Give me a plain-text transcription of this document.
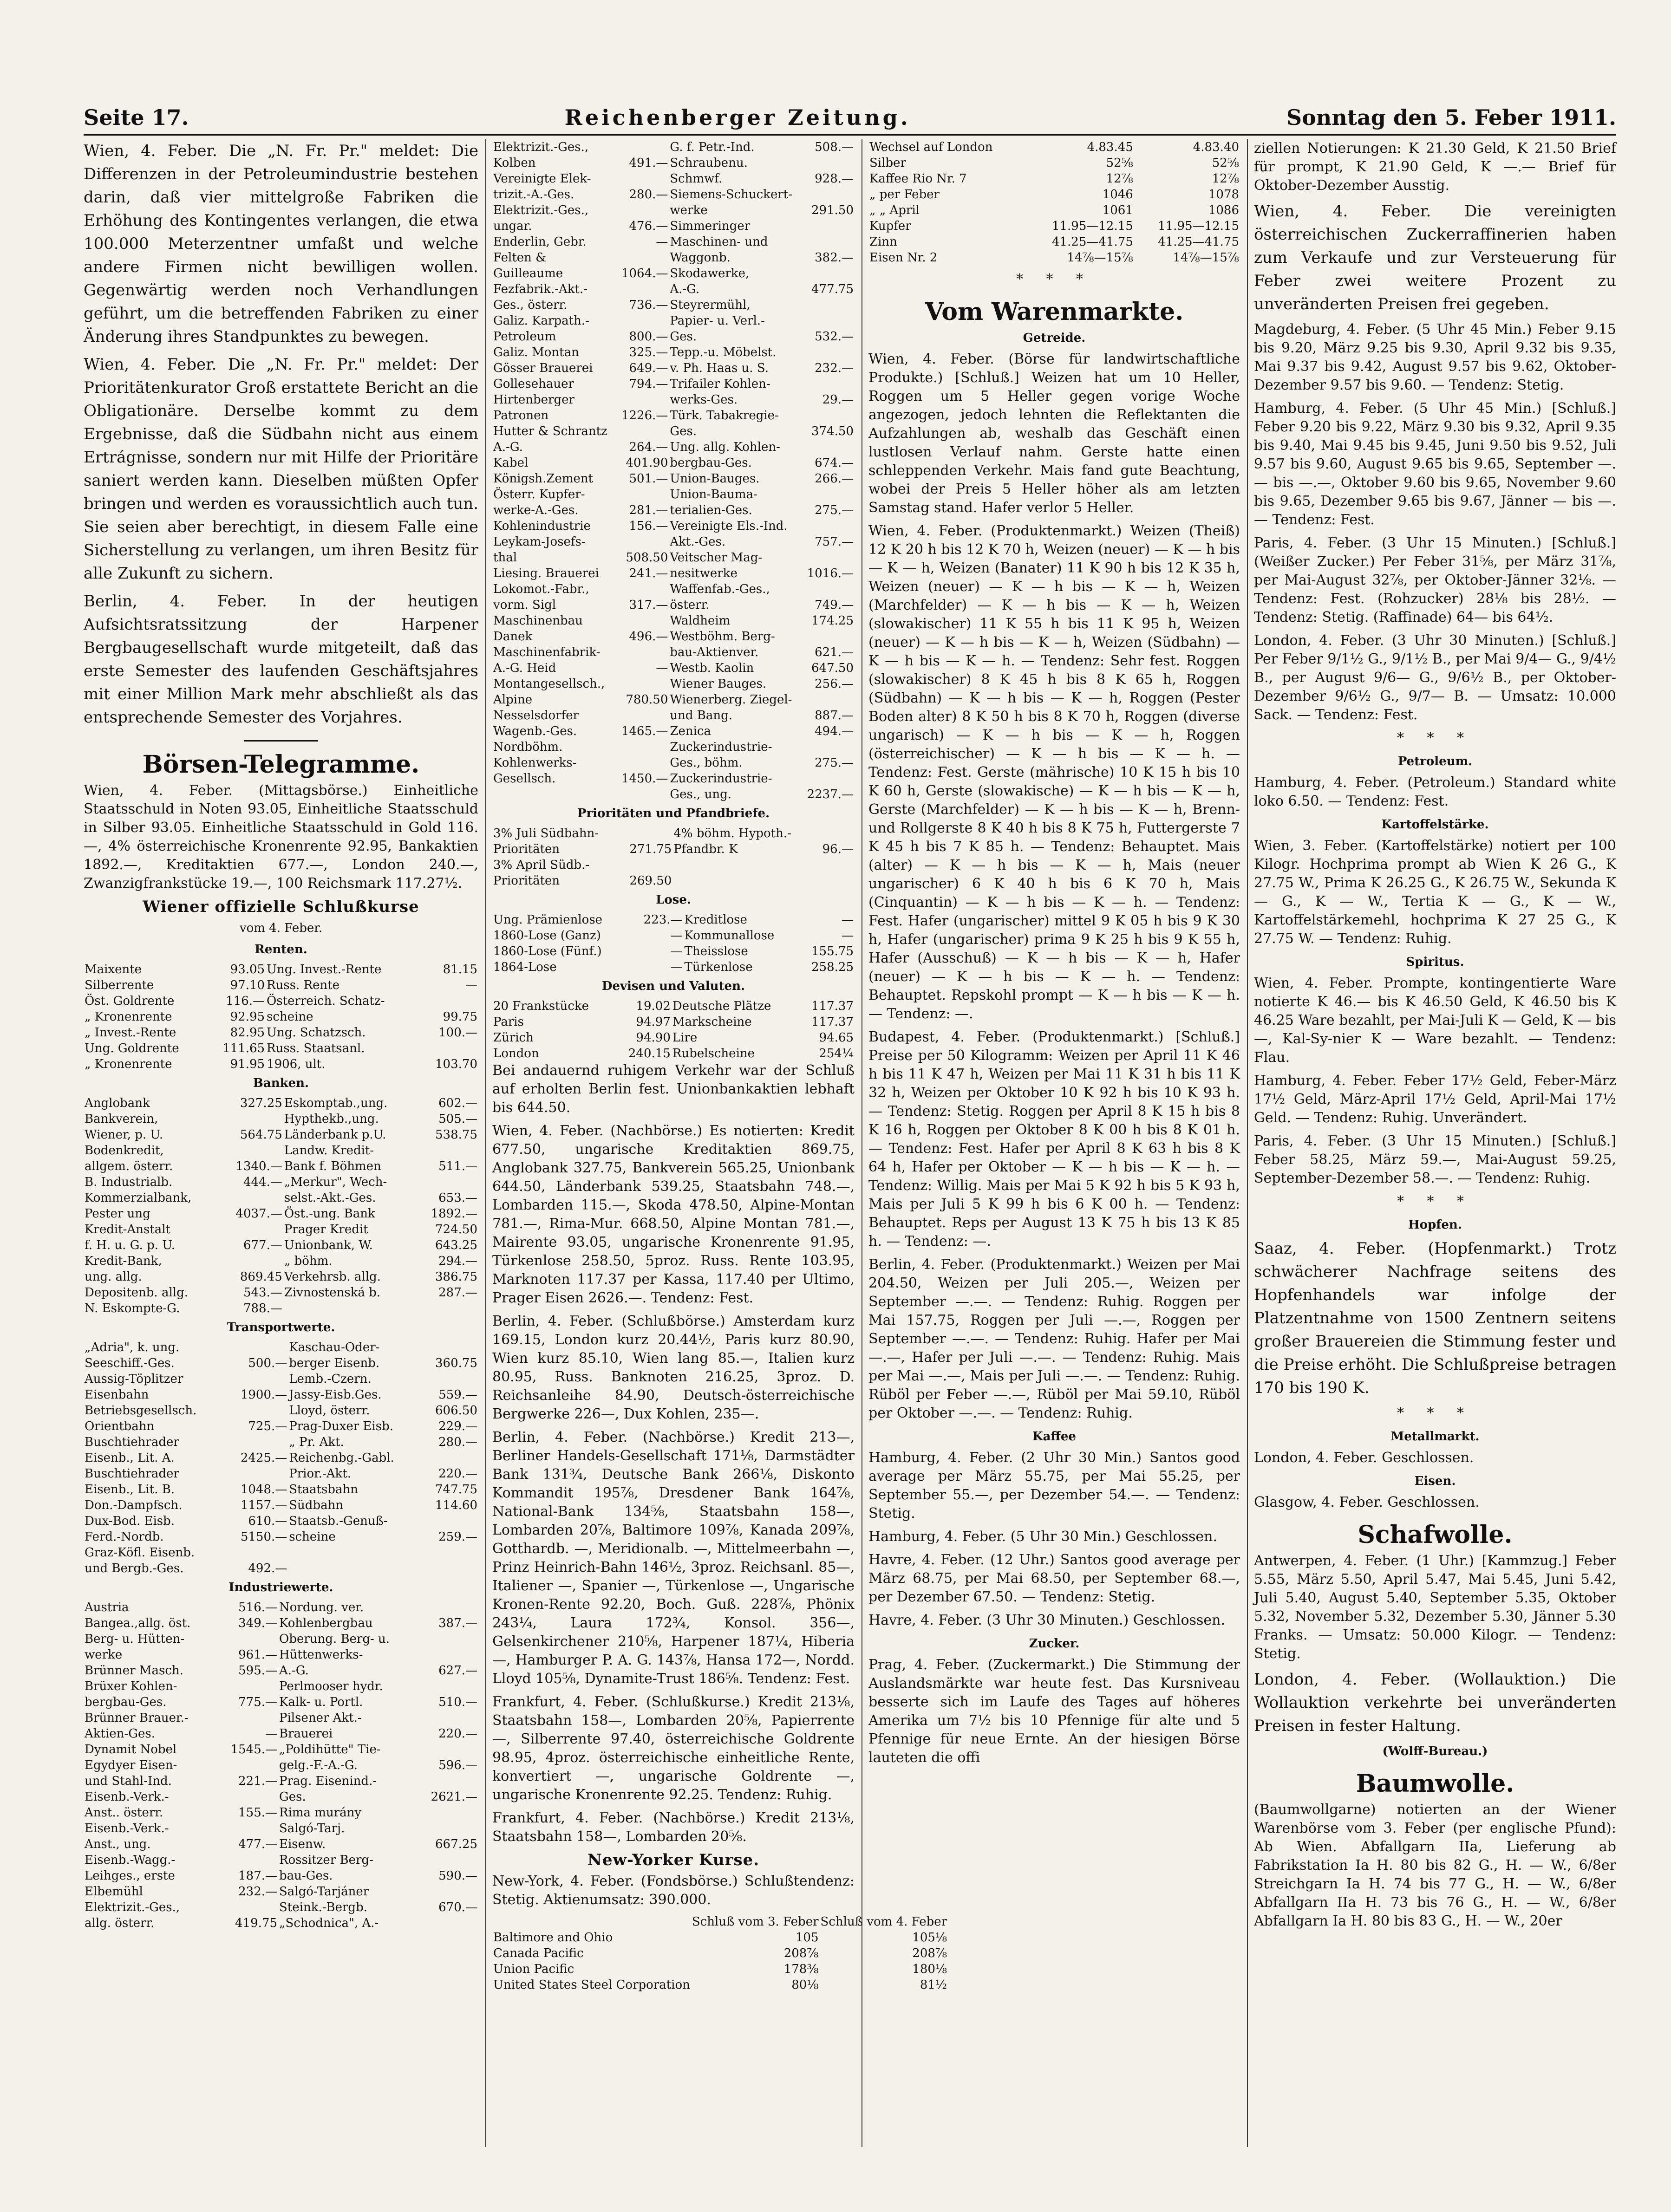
Seite 17.	Reichenberger Zeitung.	Sonntag den 5. Feber 1911.

Wien, 4. Feber. Die „N. Fr. Pr." meldet: Die Differenzen in der Petroleumindustrie bestehen darin, daß vier mittelgroße Fabriken die Erhöhung des Kontingentes verlangen, die etwa 100.000 Meterzentner umfaßt und welche andere Firmen nicht bewilligen wollen. Gegenwärtig werden noch Verhandlungen geführt, um die betreffenden Fabriken zu einer Änderung ihres Standpunktes zu bewegen.

Wien, 4. Feber. Die „N. Fr. Pr." meldet: Der Prioritätenkurator Groß erstattete Bericht an die Obligationäre. Derselbe kommt zu dem Ergebnisse, daß die Südbahn nicht aus einem Ertrágnisse, sondern nur mit Hilfe der Prioritäre saniert werden kann. Dieselben müßten Opfer bringen und werden es voraussichtlich auch tun. Sie seien aber berechtigt, in diesem Falle eine Sicherstellung zu verlangen, um ihren Besitz für alle Zukunft zu sichern.

Berlin, 4. Feber. In der heutigen Aufsichtsratssitzung der Harpener Bergbaugesellschaft wurde mitgeteilt, daß das erste Semester des laufenden Geschäftsjahres mit einer Million Mark mehr abschließt als das entsprechende Semester des Vorjahres.

Börsen-Telegramme.

Wien, 4. Feber. (Mittagsbörse.) Einheitliche Staatsschuld in Noten 93.05, Einheitliche Staatsschuld in Silber 93.05. Einheitliche Staatsschuld in Gold 116.—, 4% österreichische Kronenrente 92.95, Bankaktien 1892.—, Kreditaktien 677.—, London 240.—, Zwanzigfrankstücke 19.—, 100 Reichsmark 117.27½.

Wiener offizielle Schlußkurse
vom 4. Feber.
Renten.
Maixente	93.05	Ung. Invest.-Rente	81.15
Silberrente	97.10	Russ. Rente	—
Öst. Goldrente	116.—	Österreich. Schatz-	
„ Kronenrente	92.95	scheine	99.75
„ Invest.-Rente	82.95	Ung. Schatzsch.	100.—
Ung. Goldrente	111.65	Russ. Staatsanl.	
„ Kronenrente	91.95	1906, ult.	103.70
Banken.
Anglobank	327.25	Eskomptab.,ung.	602.—
Bankverein,		Hypthekb.,ung.	505.—
Wiener, p. U.	564.75	Länderbank p.U.	538.75
Bodenkredit,		Landw. Kredit-	
allgem. österr.	1340.—	Bank f. Böhmen	511.—
B. Industrialb.	444.—	„Merkur", Wech-	
Kommerzialbank,		selst.-Akt.-Ges.	653.—
Pester ung	4037.—	Öst.-ung. Bank	1892.—
Kredit-Anstalt		Prager Kredit	724.50
f. H. u. G. p. U.	677.—	Unionbank, W.	643.25
Kredit-Bank,		„ böhm.	294.—
ung. allg.	869.45	Verkehrsb. allg.	386.75
Depositenb. allg.	543.—	Zivnostenská b.	287.—
N. Eskompte-G.	788.—		
Transportwerte.
„Adria", k. ung.		Kaschau-Oder-	
Seeschiff.-Ges.	500.—	berger Eisenb.	360.75
Aussig-Töplitzer		Lemb.-Czern.	
Eisenbahn	1900.—	Jassy-Eisb.Ges.	559.—
Betriebsgesellsch.		Lloyd, österr.	606.50
Orientbahn	725.—	Prag-Duxer Eisb.	229.—
Buschtiehrader		„ Pr. Akt.	280.—
Eisenb., Lit. A.	2425.—	Reichenbg.-Gabl.	
Buschtiehrader		Prior.-Akt.	220.—
Eisenb., Lit. B.	1048.—	Staatsbahn	747.75
Don.-Dampfsch.	1157.—	Südbahn	114.60
Dux-Bod. Eisb.	610.—	Staatsb.-Genuß-	
Ferd.-Nordb.	5150.—	scheine	259.—
Graz-Köfl. Eisenb.			
und Bergb.-Ges.	492.—		
Industriewerte.
Austria	516.—	Nordung. ver.	
Bangea.,allg. öst.	349.—	Kohlenbergbau	387.—
Berg- u. Hütten-		Oberung. Berg- u.	
werke	961.—	Hüttenwerks-	
Brünner Masch.	595.—	A.-G.	627.—
Brüxer Kohlen-		Perlmooser hydr.	
bergbau-Ges.	775.—	Kalk- u. Portl.	510.—
Brünner Brauer.-		Pilsener Akt.-	
Aktien-Ges.	—	Brauerei	220.—
Dynamit Nobel	1545.—	„Poldihütte" Tie-	
Egydyer Eisen-		gelg.-F.-A.-G.	596.—
und Stahl-Ind.	221.—	Prag. Eisenind.-	
Eisenb.-Verk.-		Ges.	2621.—
Anst.. österr.	155.—	Rima murány	
Eisenb.-Verk.-		Salgó-Tarj.	
Anst., ung.	477.—	Eisenw.	667.25
Eisenb.-Wagg.-		Rossitzer Berg-	
Leihges., erste	187.—	bau-Ges.	590.—
Elbemühl	232.—	Salgó-Tarjáner	
Elektrizit.-Ges.,		Steink.-Bergb.	670.—
allg. österr.	419.75	„Schodnica", A.-	
Elektrizit.-Ges.,		G. f. Petr.-Ind.	508.—
Kolben	491.—	Schraubenu.	
Vereinigte Elek-		Schmwf.	928.—
trizit.-A.-Ges.	280.—	Siemens-Schuckert-	
Elektrizit.-Ges.,		werke	291.50
ungar.	476.—	Simmeringer	
Enderlin, Gebr.	—	Maschinen- und	
Felten &		Waggonb.	382.—
Guilleaume	1064.—	Skodawerke,	
Fezfabrik.-Akt.-		A.-G.	477.75
Ges., österr.	736.—	Steyrermühl,	
Galiz. Karpath.-		Papier- u. Verl.-	
Petroleum	800.—	Ges.	532.—
Galiz. Montan	325.—	Tepp.-u. Möbelst.	
Gösser Brauerei	649.—	v. Ph. Haas u. S.	232.—
Gollesehauer	794.—	Trifailer Kohlen-	
Hirtenberger		werks-Ges.	29.—
Patronen	1226.—	Türk. Tabakregie-	
Hutter & Schrantz		Ges.	374.50
A.-G.	264.—	Ung. allg. Kohlen-	
Kabel	401.90	bergbau-Ges.	674.—
Königsh.Zement	501.—	Union-Bauges.	266.—
Österr. Kupfer-		Union-Bauma-	
werke-A.-Ges.	281.—	terialien-Ges.	275.—
Kohlenindustrie	156.—	Vereinigte Els.-Ind.	
Leykam-Josefs-		Akt.-Ges.	757.—
thal	508.50	Veitscher Mag-	
Liesing. Brauerei	241.—	nesitwerke	1016.—
Lokomot.-Fabr.,		Waffenfab.-Ges.,	
vorm. Sigl	317.—	österr.	749.—
Maschinenbau		Waldheim	174.25
Danek	496.—	Westböhm. Berg-	
Maschinenfabrik-		bau-Aktienver.	621.—
A.-G. Heid	—	Westb. Kaolin	647.50
Montangesellsch.,		Wiener Bauges.	256.—
Alpine	780.50	Wienerberg. Ziegel-	
Nesselsdorfer		und Bang.	887.—
Wagenb.-Ges.	1465.—	Zenica	494.—
Nordböhm.		Zuckerindustrie-	
Kohlenwerks-		Ges., böhm.	275.—
Gesellsch.	1450.—	Zuckerindustrie-	
		Ges., ung.	2237.—
Prioritäten und Pfandbriefe.
3% Juli Südbahn-		4% böhm. Hypoth.-	
Prioritäten	271.75	Pfandbr. K	96.—
3% April Südb.-			
Prioritäten	269.50		
Lose.
Ung. Prämienlose	223.—	Kreditlose	—
1860-Lose (Ganz)	—	Kommunallose	—
1860-Lose (Fünf.)	—	Theisslose	155.75
1864-Lose	—	Türkenlose	258.25
Devisen und Valuten.
20 Frankstücke	19.02	Deutsche Plätze	117.37
Paris	94.97	Markscheine	117.37
Zürich	94.90	Lire	94.65
London	240.15	Rubelscheine	254¼

Bei andauernd ruhigem Verkehr war der Schluß auf erholten Berlin fest. Unionbankaktien lebhaft bis 644.50.

Wien, 4. Feber. (Nachbörse.) Es notierten: Kredit 677.50, ungarische Kreditaktien 869.75, Anglobank 327.75, Bankverein 565.25, Unionbank 644.50, Länderbank 539.25, Staatsbahn 748.—, Lombarden 115.—, Skoda 478.50, Alpine-Montan 781.—, Rima-Mur. 668.50, Alpine Montan 781.—, Mairente 93.05, ungarische Kronenrente 91.95, Türkenlose 258.50, 5proz. Russ. Rente 103.95, Marknoten 117.37 per Kassa, 117.40 per Ultimo, Prager Eisen 2626.—. Tendenz: Fest.

Berlin, 4. Feber. (Schlußbörse.) Amsterdam kurz 169.15, London kurz 20.44½, Paris kurz 80.90, Wien kurz 85.10, Wien lang 85.—, Italien kurz 80.95, Russ. Banknoten 216.25, 3proz. D. Reichsanleihe 84.90, Deutsch-österreichische Bergwerke 226—, Dux Kohlen, 235—.

Berlin, 4. Feber. (Nachbörse.) Kredit 213—, Berliner Handels-Gesellschaft 171⅛, Darmstädter Bank 131¾, Deutsche Bank 266⅛, Diskonto Kommandit 195⅞, Dresdener Bank 164⅞, National-Bank 134⅝, Staatsbahn 158—, Lombarden 20⅞, Baltimore 109⅞, Kanada 209⅞, Gotthardb. —, Meridionalb. —, Mittelmeerbahn —, Prinz Heinrich-Bahn 146½, 3proz. Reichsanl. 85—, Italiener —, Spanier —, Türkenlose —, Ungarische Kronen-Rente 92.20, Boch. Guß. 228⅞, Phönix 243¼, Laura 172¾, Konsol. 356—, Gelsenkirchener 210⅝, Harpener 187¼, Hiberia —, Hamburger P. A. G. 143⅞, Hansa 172—, Nordd. Lloyd 105⅝, Dynamite-Trust 186⅝. Tendenz: Fest.

Frankfurt, 4. Feber. (Schlußkurse.) Kredit 213⅛, Staatsbahn 158—, Lombarden 20⅝, Papierrente —, Silberrente 97.40, österreichische Goldrente 98.95, 4proz. österreichische einheitliche Rente, konvertiert —, ungarische Goldrente —, ungarische Kronenrente 92.25. Tendenz: Ruhig.

Frankfurt, 4. Feber. (Nachbörse.) Kredit 213⅛, Staatsbahn 158—, Lombarden 20⅝.

New-Yorker Kurse.

New-York, 4. Feber. (Fondsbörse.) Schlußtendenz: Stetig. Aktienumsatz: 390.000.

	Schluß vom 3. Feber	Schluß vom 4. Feber
Baltimore and Ohio	105	105⅛
Canada Pacific	208⅞	208⅞
Union Pacific	178⅜	180⅛
United States Steel Corporation	80⅛	81½
Wechsel auf London	4.83.45	4.83.40
Silber	52⅝	52⅝
Kaffee Rio Nr. 7	12⅞	12⅞
„ per Feber	1046	1078
„ „ April	1061	1086
Kupfer	11.95—12.15	11.95—12.15
Zinn	41.25—41.75	41.25—41.75
Eisen Nr. 2	14⅞—15⅞	14⅞—15⅞
* * *
Vom Warenmarkte.
Getreide.

Wien, 4. Feber. (Börse für landwirtschaftliche Produkte.) [Schluß.] Weizen hat um 10 Heller, Roggen um 5 Heller gegen vorige Woche angezogen, jedoch lehnten die Reflektanten die Aufzahlungen ab, weshalb das Geschäft einen lustlosen Verlauf nahm. Gerste hatte einen schleppenden Verkehr. Mais fand gute Beachtung, wobei der Preis 5 Heller höher als am letzten Samstag stand. Hafer verlor 5 Heller.

Wien, 4. Feber. (Produktenmarkt.) Weizen (Theiß) 12 K 20 h bis 12 K 70 h, Weizen (neuer) — K — h bis — K — h, Weizen (Banater) 11 K 90 h bis 12 K 35 h, Weizen (neuer) — K — h bis — K — h, Weizen (Marchfelder) — K — h bis — K — h, Weizen (slowakischer) 11 K 55 h bis 11 K 95 h, Weizen (neuer) — K — h bis — K — h, Weizen (Südbahn) — K — h bis — K — h. — Tendenz: Sehr fest. Roggen (slowakischer) 8 K 45 h bis 8 K 65 h, Roggen (Südbahn) — K — h bis — K — h, Roggen (Pester Boden alter) 8 K 50 h bis 8 K 70 h, Roggen (diverse ungarisch) — K — h bis — K — h, Roggen (österreichischer) — K — h bis — K — h. — Tendenz: Fest. Gerste (mährische) 10 K 15 h bis 10 K 60 h, Gerste (slowakische) — K — h bis — K — h, Gerste (Marchfelder) — K — h bis — K — h, Brenn- und Rollgerste 8 K 40 h bis 8 K 75 h, Futtergerste 7 K 45 h bis 7 K 85 h. — Tendenz: Behauptet. Mais (alter) — K — h bis — K — h, Mais (neuer ungarischer) 6 K 40 h bis 6 K 70 h, Mais (Cinquantin) — K — h bis — K — h. — Tendenz: Fest. Hafer (ungarischer) mittel 9 K 05 h bis 9 K 30 h, Hafer (ungarischer) prima 9 K 25 h bis 9 K 55 h, Hafer (Ausschuß) — K — h bis — K — h, Hafer (neuer) — K — h bis — K — h. — Tendenz: Behauptet. Repskohl prompt — K — h bis — K — h. — Tendenz: —.

Budapest, 4. Feber. (Produktenmarkt.) [Schluß.] Preise per 50 Kilogramm: Weizen per April 11 K 46 h bis 11 K 47 h, Weizen per Mai 11 K 31 h bis 11 K 32 h, Weizen per Oktober 10 K 92 h bis 10 K 93 h. — Tendenz: Stetig. Roggen per April 8 K 15 h bis 8 K 16 h, Roggen per Oktober 8 K 00 h bis 8 K 01 h. — Tendenz: Fest. Hafer per April 8 K 63 h bis 8 K 64 h, Hafer per Oktober — K — h bis — K — h. — Tendenz: Willig. Mais per Mai 5 K 92 h bis 5 K 93 h, Mais per Juli 5 K 99 h bis 6 K 00 h. — Tendenz: Behauptet. Reps per August 13 K 75 h bis 13 K 85 h. — Tendenz: —.

Berlin, 4. Feber. (Produktenmarkt.) Weizen per Mai 204.50, Weizen per Juli 205.—, Weizen per September —.—. — Tendenz: Ruhig. Roggen per Mai 157.75, Roggen per Juli —.—, Roggen per September —.—. — Tendenz: Ruhig. Hafer per Mai —.—, Hafer per Juli —.—. — Tendenz: Ruhig. Mais per Mai —.—, Mais per Juli —.—. — Tendenz: Ruhig. Rüböl per Feber —.—, Rüböl per Mai 59.10, Rüböl per Oktober —.—. — Tendenz: Ruhig.

Kaffee

Hamburg, 4. Feber. (2 Uhr 30 Min.) Santos good average per März 55.75, per Mai 55.25, per September 55.—, per Dezember 54.—. — Tendenz: Stetig.

Hamburg, 4. Feber. (5 Uhr 30 Min.) Geschlossen.

Havre, 4. Feber. (12 Uhr.) Santos good average per März 68.75, per Mai 68.50, per September 68.—, per Dezember 67.50. — Tendenz: Stetig.

Havre, 4. Feber. (3 Uhr 30 Minuten.) Geschlossen.

Zucker.

Prag, 4. Feber. (Zuckermarkt.) Die Stimmung der Auslandsmärkte war heute fest. Das Kursniveau besserte sich im Laufe des Tages auf höheres Amerika um 7½ bis 10 Pfennige für alte und 5 Pfennige für neue Ernte. An der hiesigen Börse lauteten die offi

ziellen Notierungen: K 21.30 Geld, K 21.50 Brief für prompt, K 21.90 Geld, K —.— Brief für Oktober-Dezember Ausstig.

Wien, 4. Feber. Die vereinigten österreichischen Zuckerraffinerien haben zum Verkaufe und zur Versteuerung für Feber zwei weitere Prozent zu unveränderten Preisen frei gegeben.

Magdeburg, 4. Feber. (5 Uhr 45 Min.) Feber 9.15 bis 9.20, März 9.25 bis 9.30, April 9.32 bis 9.35, Mai 9.37 bis 9.42, August 9.57 bis 9.62, Oktober-Dezember 9.57 bis 9.60. — Tendenz: Stetig.

Hamburg, 4. Feber. (5 Uhr 45 Min.) [Schluß.] Feber 9.20 bis 9.22, März 9.30 bis 9.32, April 9.35 bis 9.40, Mai 9.45 bis 9.45, Juni 9.50 bis 9.52, Juli 9.57 bis 9.60, August 9.65 bis 9.65, September —.— bis —.—, Oktober 9.60 bis 9.65, November 9.60 bis 9.65, Dezember 9.65 bis 9.67, Jänner — bis —. — Tendenz: Fest.

Paris, 4. Feber. (3 Uhr 15 Minuten.) [Schluß.] (Weißer Zucker.) Per Feber 31⅝, per März 31⅞, per Mai-August 32⅞, per Oktober-Jänner 32⅛. — Tendenz: Fest. (Rohzucker) 28⅛ bis 28½. — Tendenz: Stetig. (Raffinade) 64— bis 64½.

London, 4. Feber. (3 Uhr 30 Minuten.) [Schluß.] Per Feber 9/1½ G., 9/1½ B., per Mai 9/4— G., 9/4½ B., per August 9/6— G., 9/6½ B., per Oktober-Dezember 9/6½ G., 9/7— B. — Umsatz: 10.000 Sack. — Tendenz: Fest.

* * *
Petroleum.

Hamburg, 4. Feber. (Petroleum.) Standard white loko 6.50. — Tendenz: Fest.

Kartoffelstärke.

Wien, 3. Feber. (Kartoffelstärke) notiert per 100 Kilogr. Hochprima prompt ab Wien K 26 G., K 27.75 W., Prima K 26.25 G., K 26.75 W., Sekunda K — G., K — W., Tertia K — G., K — W., Kartoffelstärkemehl, hochprima K 27 25 G., K 27.75 W. — Tendenz: Ruhig.

Spiritus.

Wien, 4. Feber. Prompte, kontingentierte Ware notierte K 46.— bis K 46.50 Geld, K 46.50 bis K 46.25 Ware bezahlt, per Mai-Juli K — Geld, K — bis —, Kal-Sy-nier K — Ware bezahlt. — Tendenz: Flau.

Hamburg, 4. Feber. Feber 17½ Geld, Feber-März 17½ Geld, März-April 17½ Geld, April-Mai 17½ Geld. — Tendenz: Ruhig. Unverändert.

Paris, 4. Feber. (3 Uhr 15 Minuten.) [Schluß.] Feber 58.25, März 59.—, Mai-August 59.25, September-Dezember 58.—. — Tendenz: Ruhig.

* * *
Hopfen.

Saaz, 4. Feber. (Hopfenmarkt.) Trotz schwächerer Nachfrage seitens des Hopfenhandels war infolge der Platzentnahme von 1500 Zentnern seitens großer Brauereien die Stimmung fester und die Preise erhöht. Die Schlußpreise betragen 170 bis 190 K.

* * *
Metallmarkt.

London, 4. Feber. Geschlossen.

Eisen.

Glasgow, 4. Feber. Geschlossen.

Schafwolle.

Antwerpen, 4. Feber. (1 Uhr.) [Kammzug.] Feber 5.55, März 5.50, April 5.47, Mai 5.45, Juni 5.42, Juli 5.40, August 5.40, September 5.35, Oktober 5.32, November 5.32, Dezember 5.30, Jänner 5.30 Franks. — Umsatz: 50.000 Kilogr. — Tendenz: Stetig.

London, 4. Feber. (Wollauktion.) Die Wollauktion verkehrte bei unveränderten Preisen in fester Haltung.

(Wolff-Bureau.)
Baumwolle.

(Baumwollgarne) notierten an der Wiener Warenbörse vom 3. Feber (per englische Pfund): Ab Wien. Abfallgarn IIa, Lieferung ab Fabrikstation Ia H. 80 bis 82 G., H. — W., 6/8er Streichgarn Ia H. 74 bis 77 G., H. — W., 6/8er Abfallgarn IIa H. 73 bis 76 G., H. — W., 6/8er Abfallgarn Ia H. 80 bis 83 G., H. — W., 20er
